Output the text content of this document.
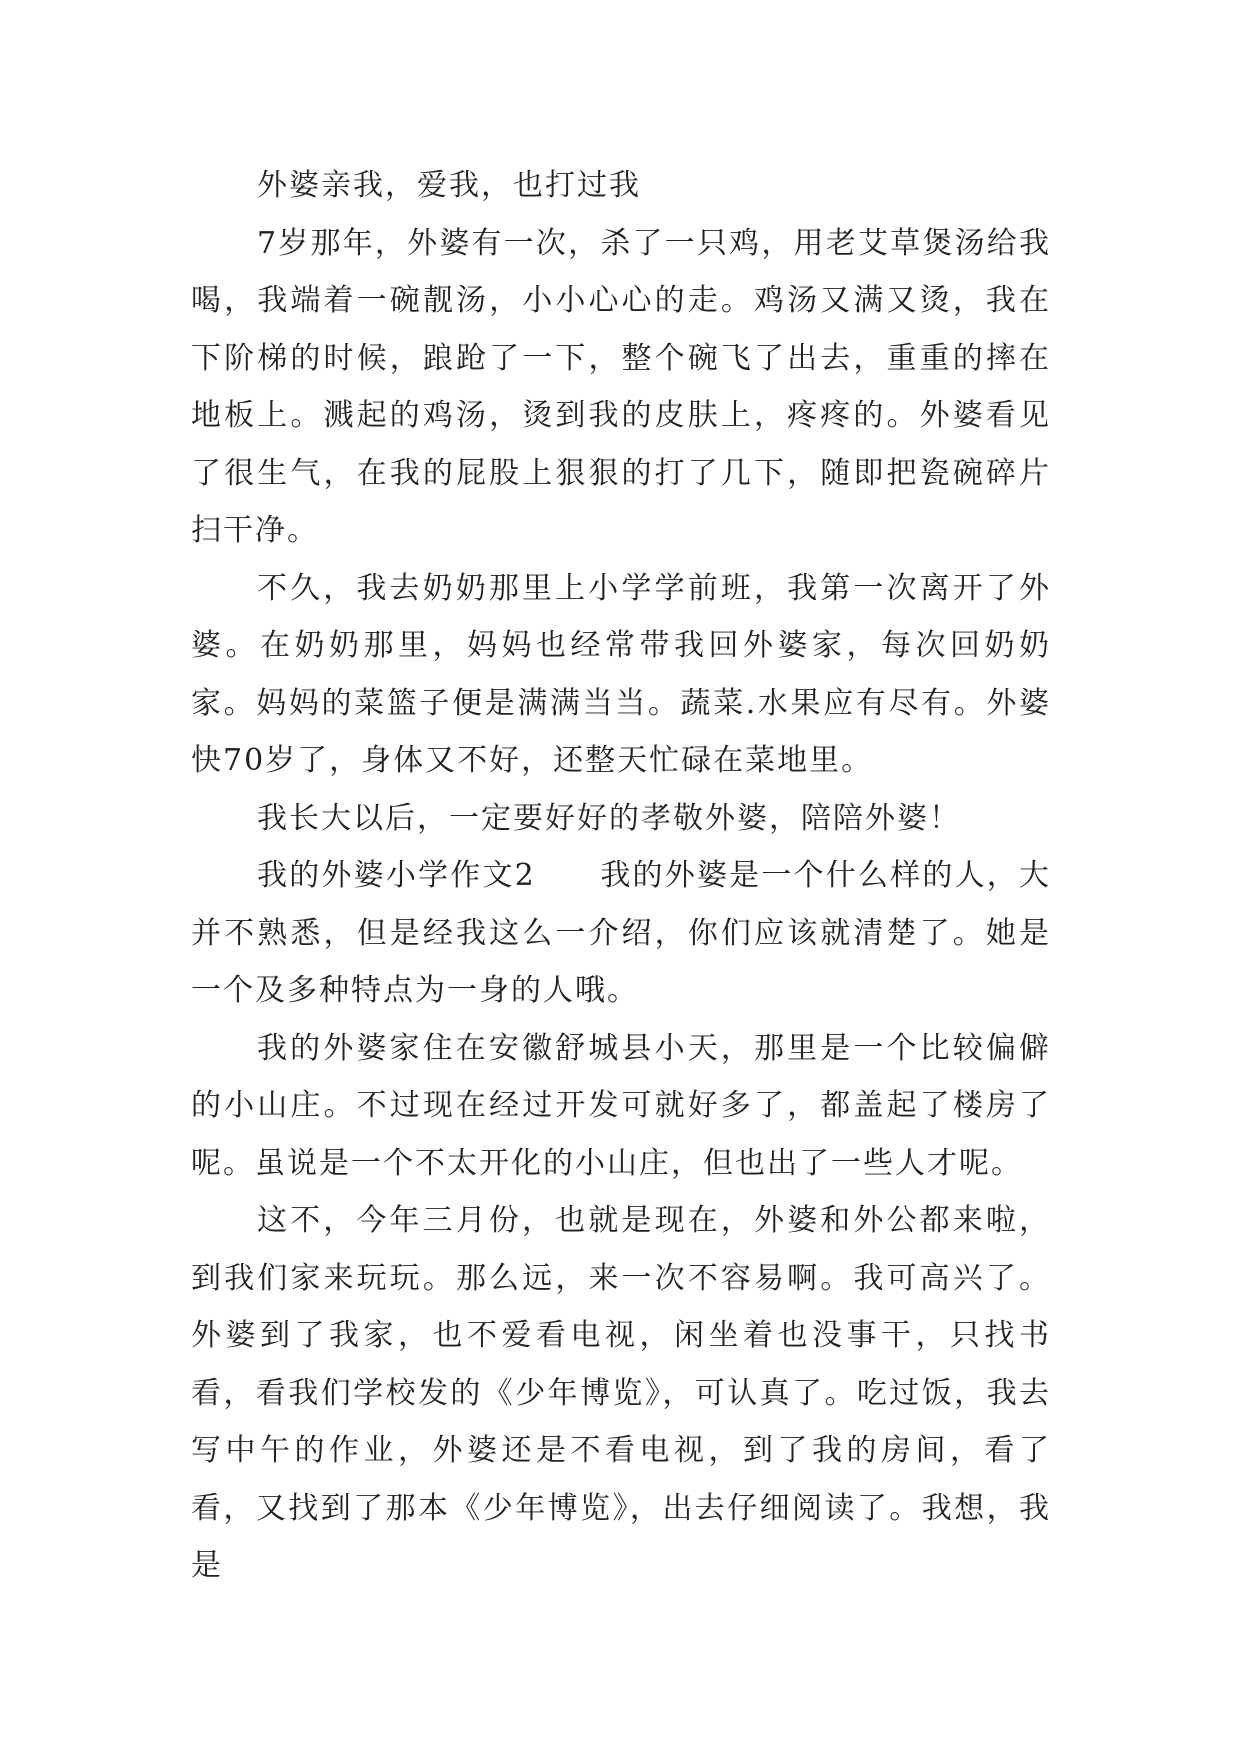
外婆亲我，爱我，也打过我

7岁那年，外婆有一次，杀了一只鸡，用老艾草煲汤给我喝，我端着一碗靓汤，小小心心的走。鸡汤又满又烫，我在下阶梯的时候，踉跄了一下，整个碗飞了出去，重重的摔在地板上。溅起的鸡汤，烫到我的皮肤上，疼疼的。外婆看见了很生气，在我的屁股上狠狠的打了几下，随即把瓷碗碎片扫干净。

不久，我去奶奶那里上小学学前班，我第一次离开了外婆。在奶奶那里，妈妈也经常带我回外婆家，每次回奶奶家。妈妈的菜篮子便是满满当当。蔬菜.水果应有尽有。外婆快70岁了，身体又不好，还整天忙碌在菜地里。

我长大以后，一定要好好的孝敬外婆，陪陪外婆！

我的外婆小学作文2　　我的外婆是一个什么样的人，大并不熟悉，但是经我这么一介绍，你们应该就清楚了。她是一个及多种特点为一身的人哦。

我的外婆家住在安徽舒城县小天，那里是一个比较偏僻的小山庄。不过现在经过开发可就好多了，都盖起了楼房了呢。虽说是一个不太开化的小山庄，但也出了一些人才呢。

这不，今年三月份，也就是现在，外婆和外公都来啦，到我们家来玩玩。那么远，来一次不容易啊。我可高兴了。外婆到了我家，也不爱看电视，闲坐着也没事干，只找书看，看我们学校发的《少年博览》，可认真了。吃过饭，我去写中午的作业，外婆还是不看电视，到了我的房间，看了看，又找到了那本《少年博览》，出去仔细阅读了。我想，我是
